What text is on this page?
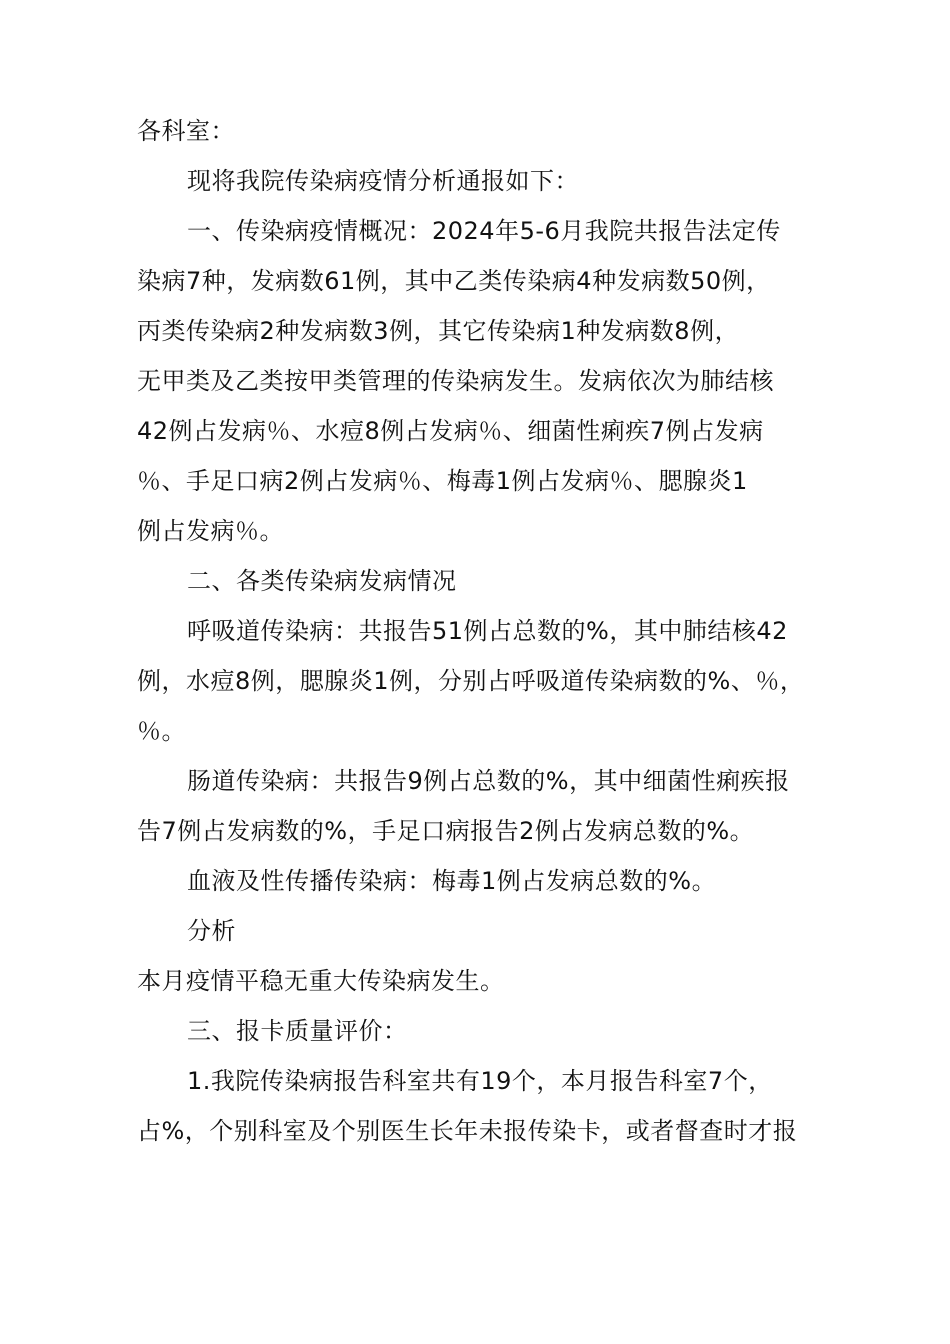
各科室：

现将我院传染病疫情分析通报如下：

一、传染病疫情概况：2024年5-6月我院共报告法定传

染病7种，发病数61例，其中乙类传染病4种发病数50例，

丙类传染病2种发病数3例，其它传染病1种发病数8例，

无甲类及乙类按甲类管理的传染病发生。发病依次为肺结核

42例占发病％、水痘8例占发病％、细菌性痢疾7例占发病

％、手足口病2例占发病％、梅毒1例占发病％、腮腺炎1

例占发病％。

二、各类传染病发病情况

呼吸道传染病：共报告51例占总数的%，其中肺结核42

例，水痘8例，腮腺炎1例，分别占呼吸道传染病数的%、％，

％。

肠道传染病：共报告9例占总数的%，其中细菌性痢疾报

告7例占发病数的%，手足口病报告2例占发病总数的%。

血液及性传播传染病：梅毒1例占发病总数的%。

分析

本月疫情平稳无重大传染病发生。

三、报卡质量评价：

1.我院传染病报告科室共有19个，本月报告科室7个，

占%，个别科室及个别医生长年未报传染卡，或者督查时才报
